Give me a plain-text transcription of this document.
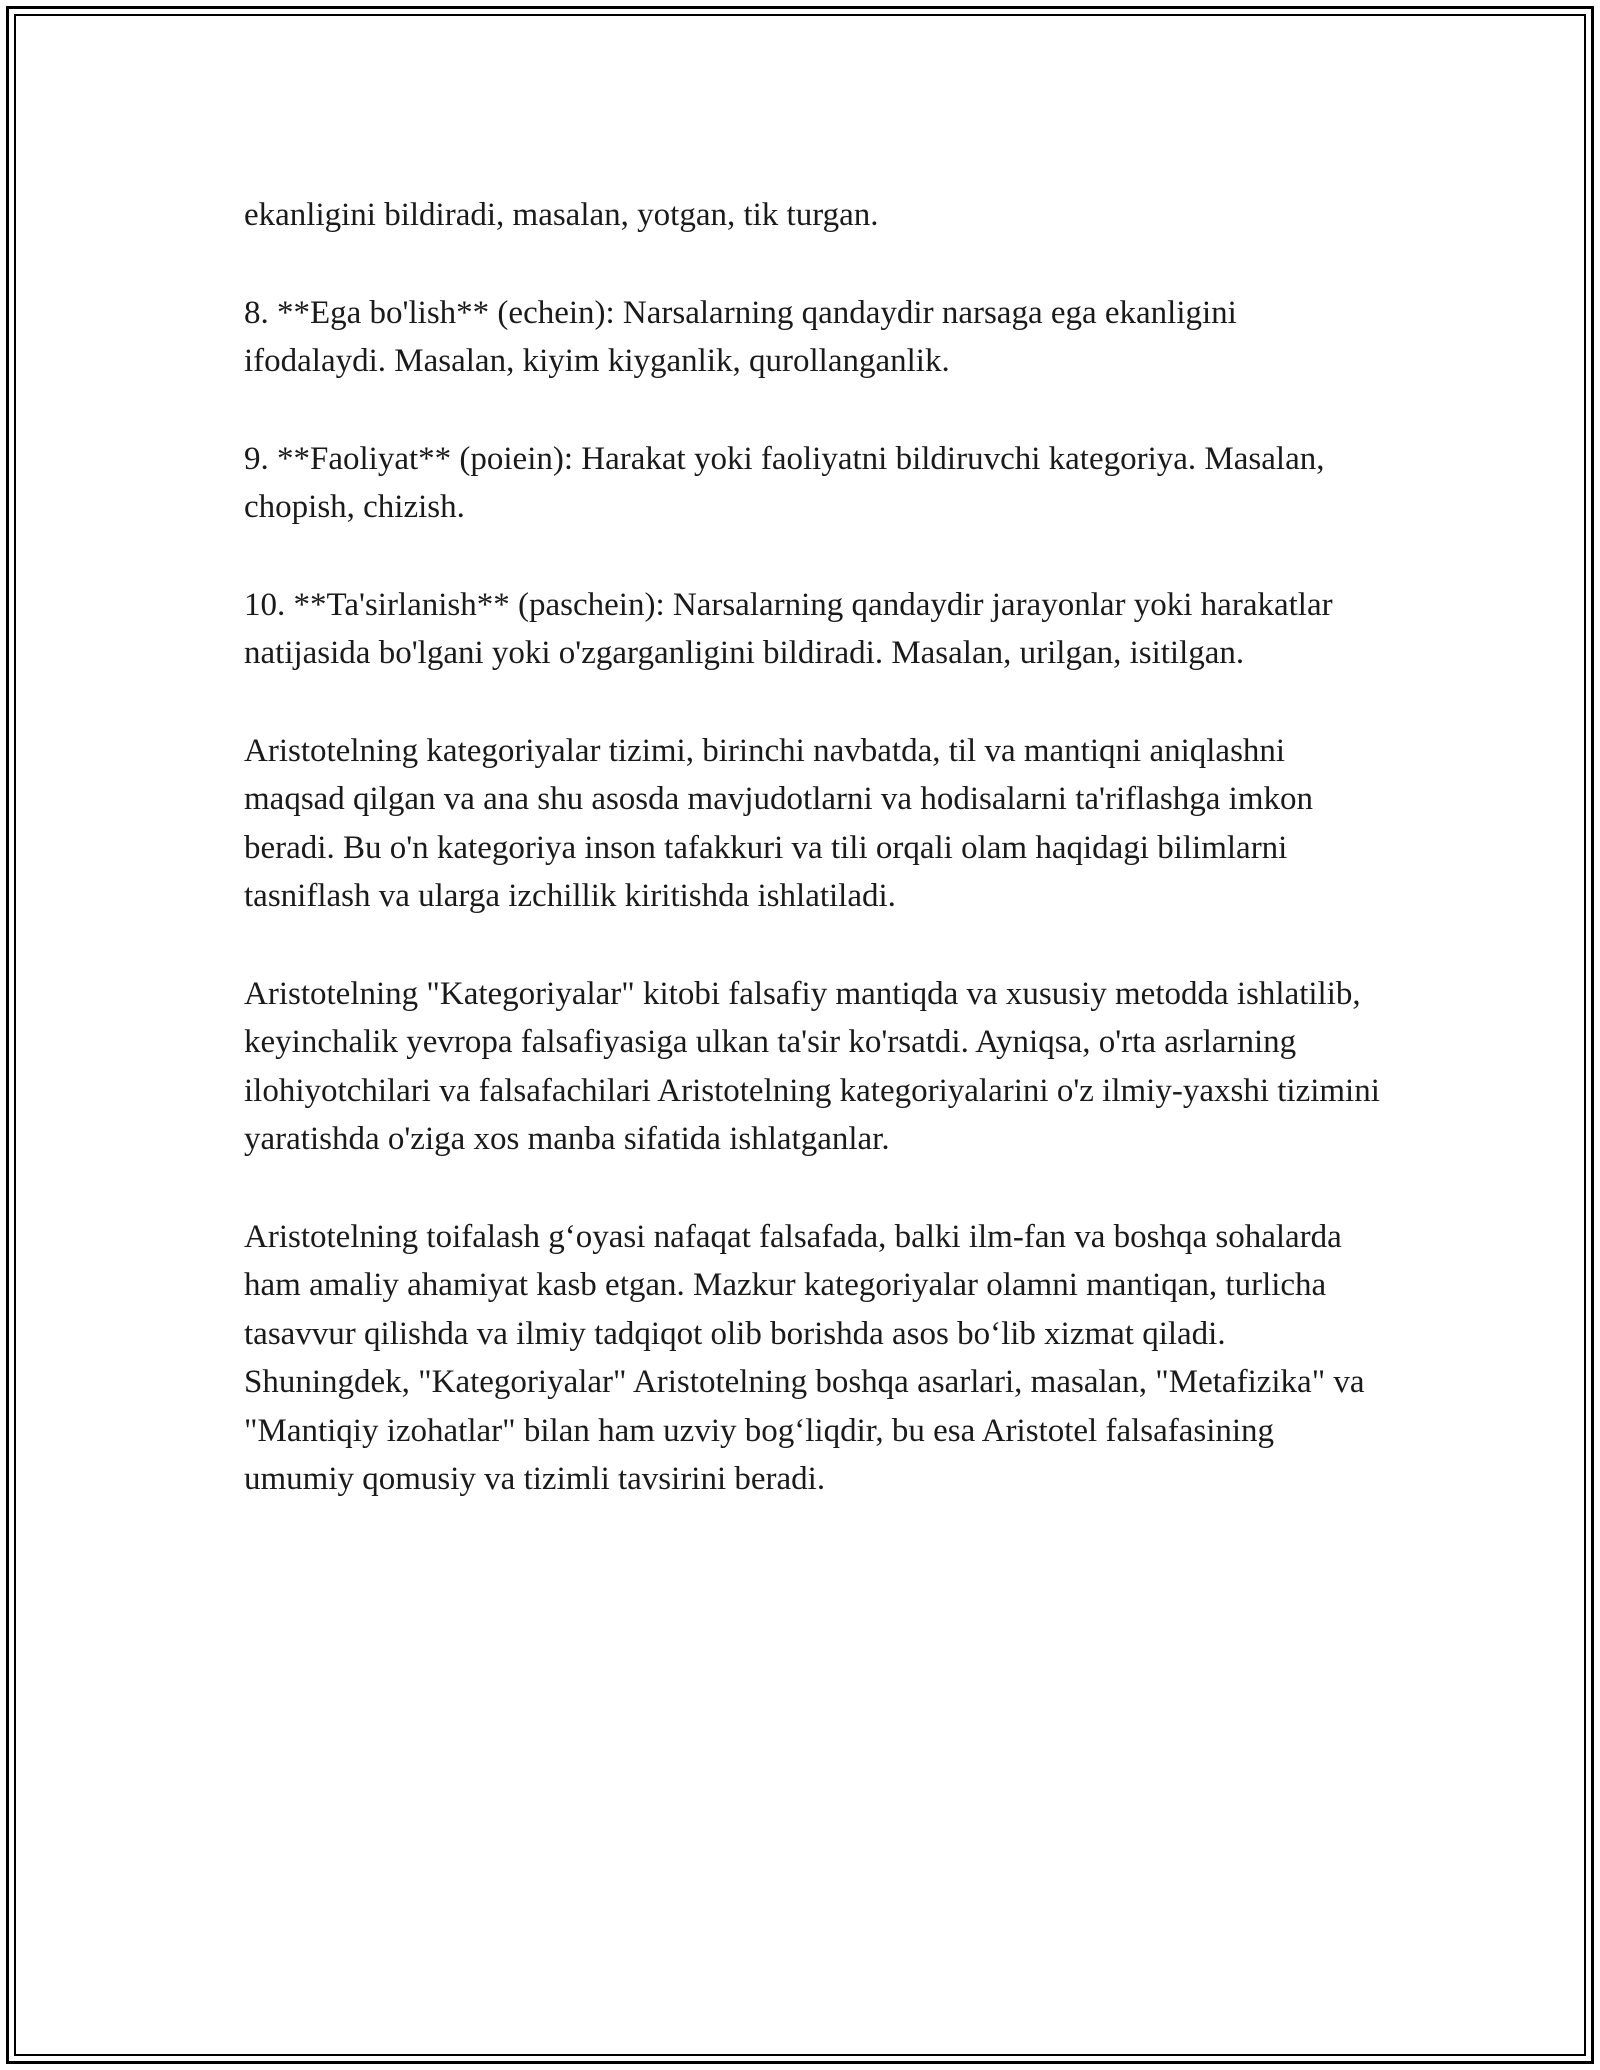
ekanligini bildiradi, masalan, yotgan, tik turgan.

8. **Ega bo'lish** (echein): Narsalarning qandaydir narsaga ega ekanligini ifodalaydi. Masalan, kiyim kiyganlik, qurollanganlik.

9. **Faoliyat** (poiein): Harakat yoki faoliyatni bildiruvchi kategoriya. Masalan, chopish, chizish.

10. **Ta'sirlanish** (paschein): Narsalarning qandaydir jarayonlar yoki harakatlar natijasida bo'lgani yoki o'zgarganligini bildiradi. Masalan, urilgan, isitilgan.

Aristotelning kategoriyalar tizimi, birinchi navbatda, til va mantiqni aniqlashni maqsad qilgan va ana shu asosda mavjudotlarni va hodisalarni ta'riflashga imkon beradi. Bu o'n kategoriya inson tafakkuri va tili orqali olam haqidagi bilimlarni tasniflash va ularga izchillik kiritishda ishlatiladi.

Aristotelning "Kategoriyalar" kitobi falsafiy mantiqda va xususiy metodda ishlatilib, keyinchalik yevropa falsafiyasiga ulkan ta'sir ko'rsatdi. Ayniqsa, o'rta asrlarning ilohiyotchilari va falsafachilari Aristotelning kategoriyalarini o'z ilmiy-yaxshi tizimini yaratishda o'ziga xos manba sifatida ishlatganlar.

Aristotelning toifalash g‘oyasi nafaqat falsafada, balki ilm-fan va boshqa sohalarda ham amaliy ahamiyat kasb etgan. Mazkur kategoriyalar olamni mantiqan, turlicha tasavvur qilishda va ilmiy tadqiqot olib borishda asos bo‘lib xizmat qiladi. Shuningdek, "Kategoriyalar" Aristotelning boshqa asarlari, masalan, "Metafizika" va "Mantiqiy izohatlar" bilan ham uzviy bog‘liqdir, bu esa Aristotel falsafasining umumiy qomusiy va tizimli tavsirini beradi.
